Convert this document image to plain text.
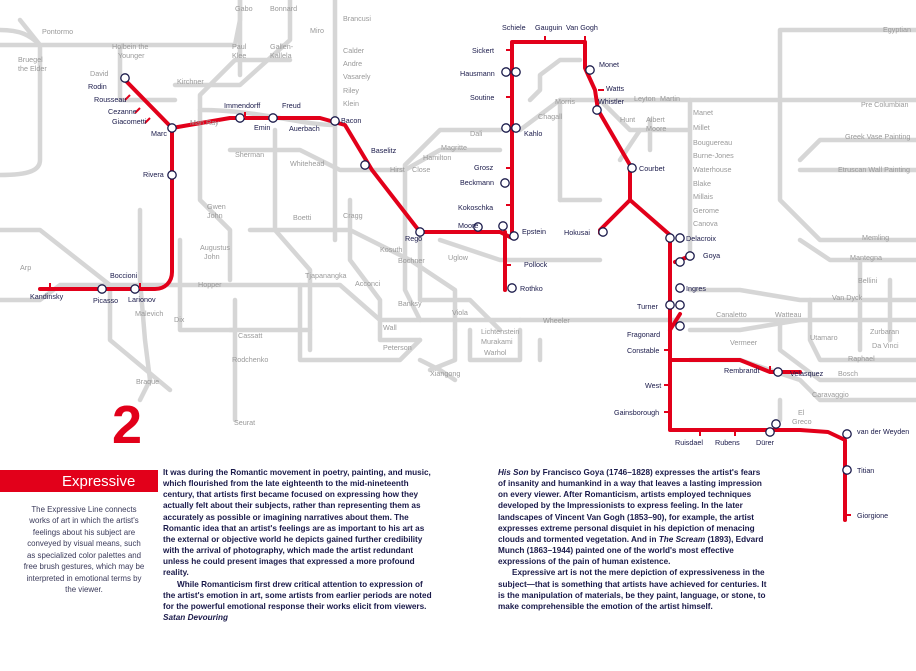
Gabo Bonnard
Brancusi
Pontormo
Holbein the
Younger
Bruegel
the Elder
David
Paul
Klee
Gallen-
Kallela
Miro
Calder
Andre
Vasarely
Riley
Klein
Kirchner
Man Ray
Sherman
Whitehead
Hamilton
Hirst Close
Gwen
John
Augustus
John
Boetti	Cragg
Kosuth
Bochner	Uglow
Tjapanangka
Acconci
Banksy
Viola
Hopper
Arp
Malevich
Dix
Cassatt
Rodchenko
Braque
Seurat
Wall
Peterson
Lichtenstein
Murakami
Warhol
Xiangong
Wheeler
Chagall
Morris
Dali
Magritte
Egyptian
Pre Columbian
Greek Vase Painting
Etruscan Wall Painting
Leyton Martin
Manet
Millet
Bouguereau
Burne-Jones
Waterhouse
Blake
Millais
Gerome
Canova
Hunt Albert
Moore
Memling
Mantegna
Bellini
Van Dyck
Canaletto	Watteau
Utamaro
Zurbaran
Da Vinci
Raphael
Bosch
Caravaggio
Vermeer
El
Greco
Kandinsky	Picasso
Boccioni
Larionov
Rivera
Marc
Giacometti
Cezanne
Rousseau
Rodin
Immendorff
Emin
Freud
Auerbach
Bacon
Baselitz
Rego
Moore
Kokoschka
Epstein
Beckmann
Grosz
Kahlo
Soutine
Hausmann
Sickert
Schiele Gauguin Van Gogh
Monet
Watts
Whistler
Courbet
Hokusai
Delacroix
Goya
Ingres
Turner
Fragonard
Constable
West
Gainsborough
Ruisdael Rubens Dürer
Rembrandt	Velasquez
van der Weyden
Titian
Giorgione
Pollock
Rothko
2
Expressive
The Expressive Line connects works of art in which the artist's feelings about his subject are conveyed by visual means, such as specialized color palettes and free brush gestures, which may be interpreted in emotional terms by the viewer.

It was during the Romantic movement in poetry, painting, and music, which flourished from the late eighteenth to the mid-nineteenth century, that artists first became focused on expressing how they actually felt about their subjects, rather than representing them as accurately as possible or imagining narratives about them. The Romantic idea that an artist's feelings are as important to his art as the external or objective world he depicts gained further credibility with the arrival of photography, which made the artist redundant unless he could present images that expressed a more profound reality.

While Romanticism first drew critical attention to expression of the artist's emotion in art, some artists from earlier periods are noted for the powerful emotional response their works elicit from viewers. Satan Devouring

His Son by Francisco Goya (1746–1828) expresses the artist's fears of insanity and humankind in a way that leaves a lasting impression on every viewer. After Romanticism, artists employed techniques developed by the Impressionists to express feeling. In the later landscapes of Vincent Van Gogh (1853–90), for example, the artist expresses extreme personal disquiet in his depiction of menacing clouds and tormented vegetation. And in The Scream (1893), Edvard Munch (1863–1944) painted one of the world's most effective expressions of the pain of human existence.

Expressive art is not the mere depiction of expressiveness in the subject—that is something that artists have achieved for centuries. It is the manipulation of materials, be they paint, language, or stone, to make comprehensible the emotion of the artist himself.
